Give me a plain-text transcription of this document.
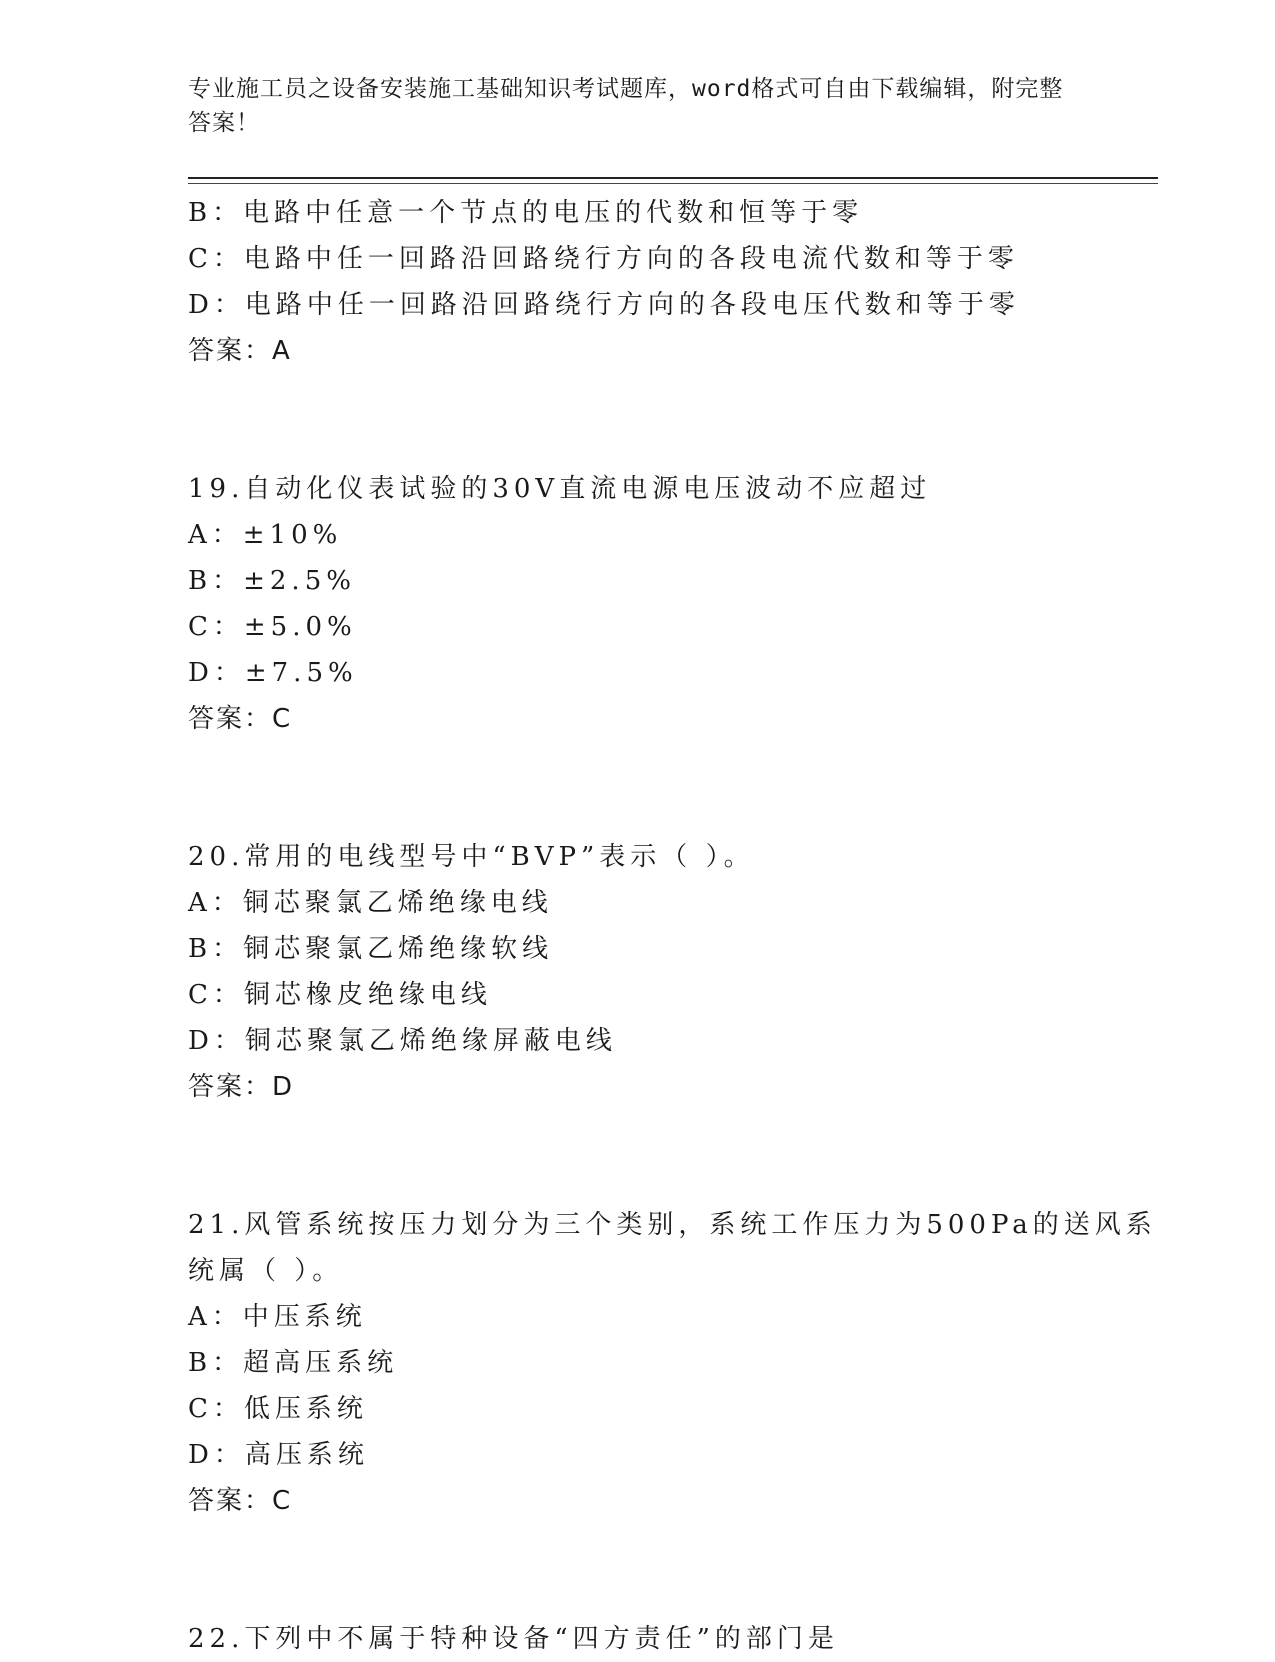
专业施工员之设备安装施工基础知识考试题库，word格式可自由下载编辑，附完整答案！
B：电路中任意一个节点的电压的代数和恒等于零
C：电路中任一回路沿回路绕行方向的各段电流代数和等于零
D：电路中任一回路沿回路绕行方向的各段电压代数和等于零
答案：A
19.自动化仪表试验的30V直流电源电压波动不应超过
A：±10%
B：±2.5%
C：±5.0%
D：±7.5%
答案：C
20.常用的电线型号中“BVP”表示（ ）。
A：铜芯聚氯乙烯绝缘电线
B：铜芯聚氯乙烯绝缘软线
C：铜芯橡皮绝缘电线
D：铜芯聚氯乙烯绝缘屏蔽电线
答案：D
21.风管系统按压力划分为三个类别，系统工作压力为500Pa的送风系
统属（ ）。
A：中压系统
B：超高压系统
C：低压系统
D：高压系统
答案：C
22.下列中不属于特种设备“四方责任”的部门是
